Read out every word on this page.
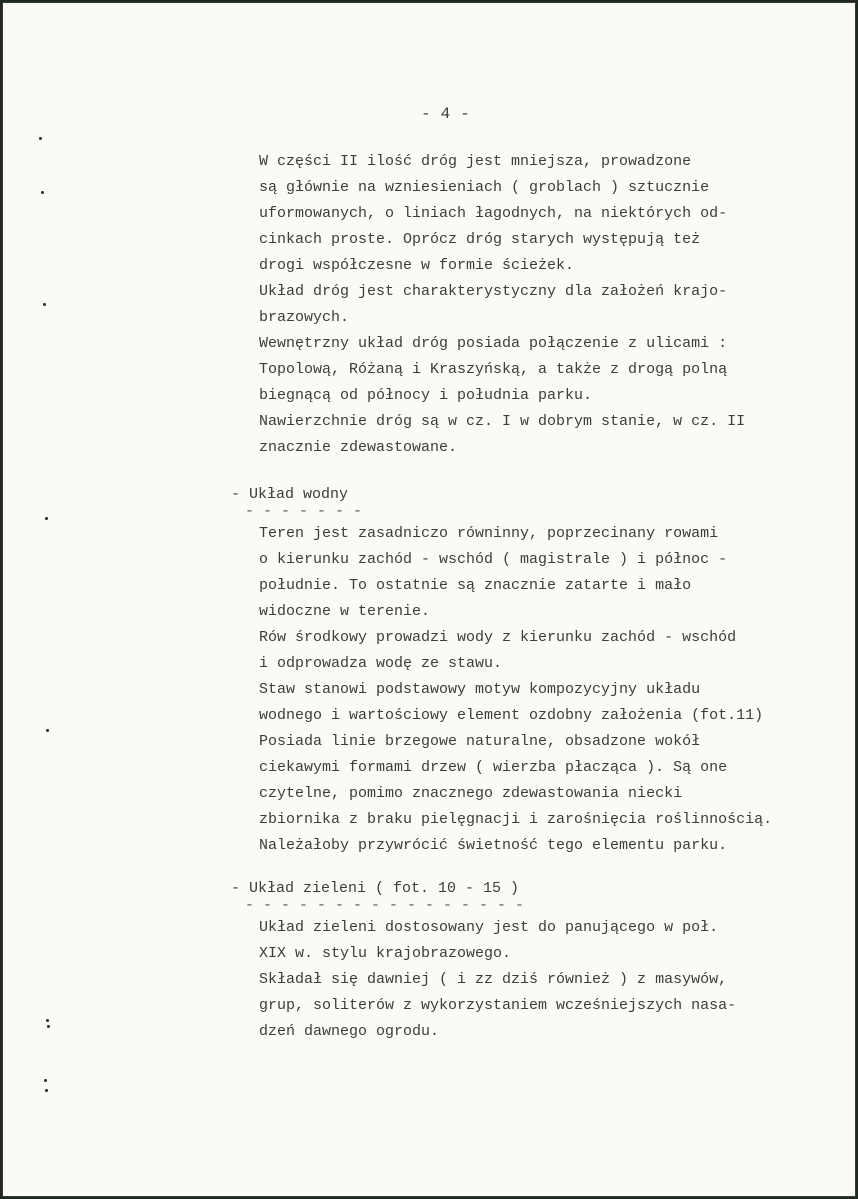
- 4 -
W części II ilość dróg jest mniejsza, prowadzone
są głównie na wzniesieniach ( groblach ) sztucznie
uformowanych, o liniach łagodnych, na niektórych od-
cinkach proste. Oprócz dróg starych występują też
drogi współczesne w formie ścieżek.
Układ dróg jest charakterystyczny dla założeń krajo-
brazowych.
Wewnętrzny układ dróg posiada połączenie z ulicami :
Topolową, Różaną i Kraszyńską, a także z drogą polną
biegnącą od północy i południa parku.
Nawierzchnie dróg są w cz. I w dobrym stanie, w cz. II
znacznie zdewastowane.
- Układ wodny
- - - - - - -
Teren jest zasadniczo równinny, poprzecinany rowami
o kierunku zachód - wschód ( magistrale ) i północ -
południe. To ostatnie są znacznie zatarte i mało
widoczne w terenie.
Rów środkowy prowadzi wody z kierunku zachód - wschód
i odprowadza wodę ze stawu.
Staw stanowi podstawowy motyw kompozycyjny układu
wodnego i wartościowy element ozdobny założenia (fot.11)
Posiada linie brzegowe naturalne, obsadzone wokół
ciekawymi formami drzew ( wierzba płacząca ). Są one
czytelne, pomimo znacznego zdewastowania niecki
zbiornika z braku pielęgnacji i zarośnięcia roślinnością.
Należałoby przywrócić świetność tego elementu parku.
- Układ zieleni ( fot. 10 - 15 )
- - - - - - - - - - - - - - - -
Układ zieleni dostosowany jest do panującego w poł.
XIX w. stylu krajobrazowego.
Składał się dawniej ( i zz dziś również ) z masywów,
grup, soliterów z wykorzystaniem wcześniejszych nasa-
dzeń dawnego ogrodu.
